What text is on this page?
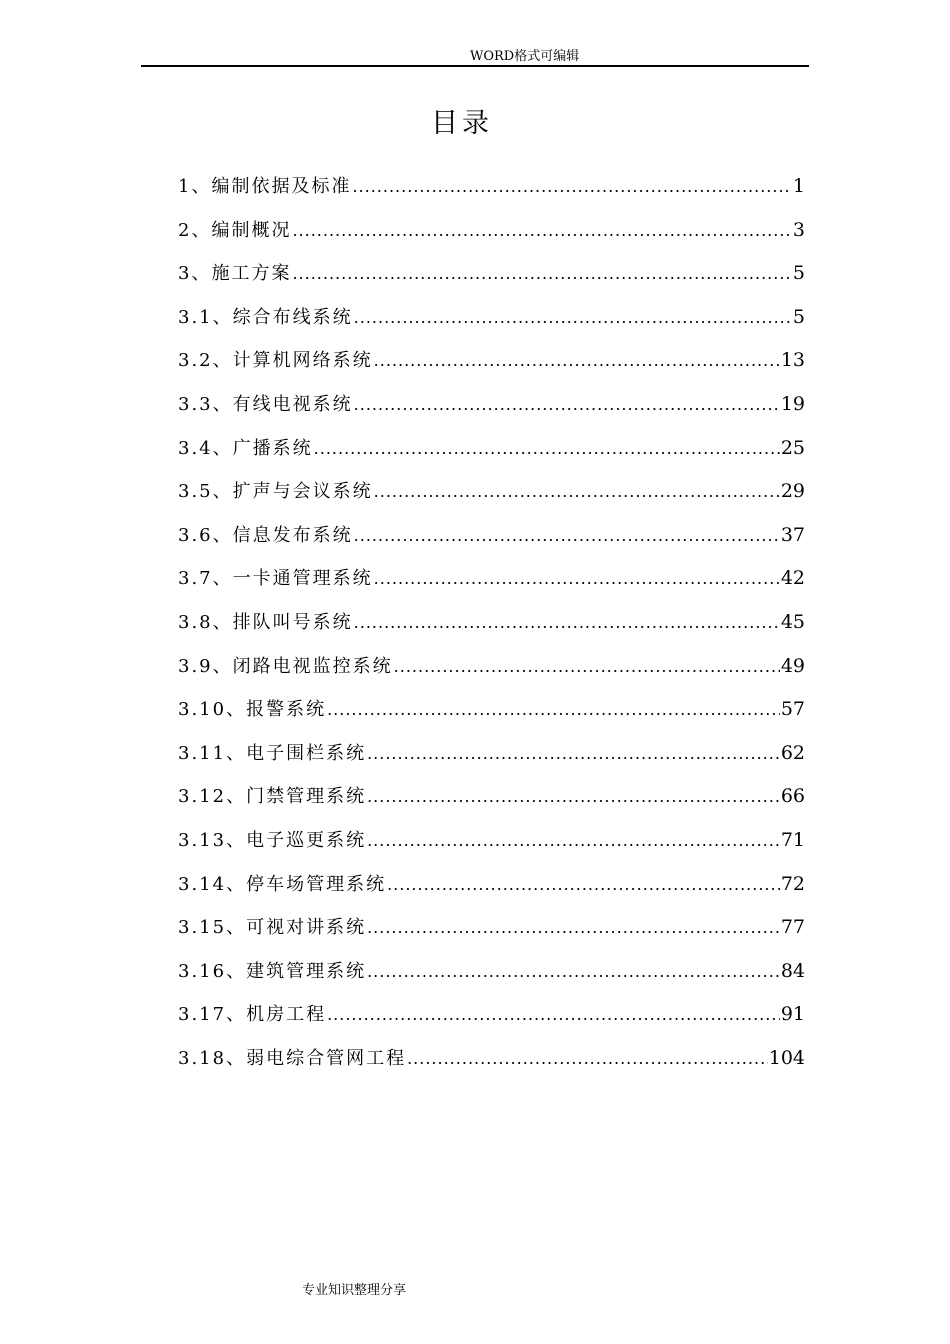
WORD格式可编辑
目录
1、编制依据及标准 .....	1
2、编制概况 .....	3
3、施工方案 .....	5
3.1、综合布线系统 .....	5
3.2、计算机网络系统 .....	13
3.3、有线电视系统 .....	19
3.4、广播系统 .....	25
3.5、扩声与会议系统 .....	29
3.6、信息发布系统 .....	37
3.7、一卡通管理系统 .....	42
3.8、排队叫号系统 .....	45
3.9、闭路电视监控系统 .....	49
3.10、报警系统 .....	57
3.11、电子围栏系统 .....	62
3.12、门禁管理系统 .....	66
3.13、电子巡更系统 .....	71
3.14、停车场管理系统 .....	72
3.15、可视对讲系统 .....	77
3.16、建筑管理系统 .....	84
3.17、机房工程 .....	91
3.18、弱电综合管网工程 .....	104
专业知识整理分享
